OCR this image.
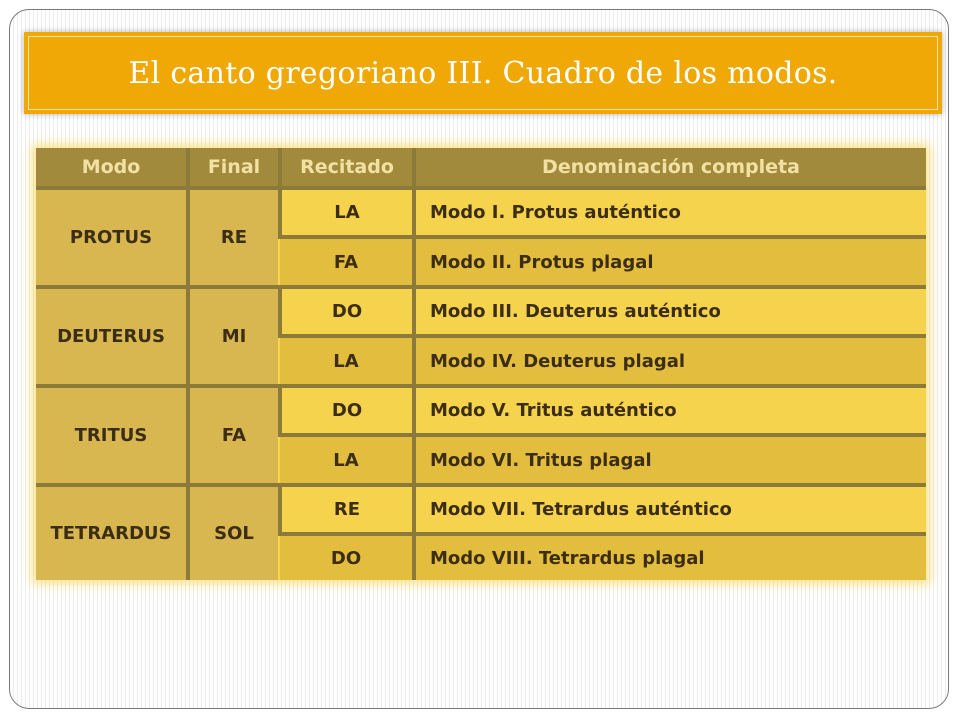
El canto gregoriano III. Cuadro de los modos.
Modo	Final	Recitado	Denominación completa
PROTUS	RE	LA	Modo I. Protus auténtico
		FA	Modo II. Protus plagal
DEUTERUS	MI	DO	Modo III. Deuterus auténtico
		LA	Modo IV. Deuterus plagal
TRITUS	FA	DO	Modo V. Tritus auténtico
		LA	Modo VI. Tritus plagal
TETRARDUS	SOL	RE	Modo VII. Tetrardus auténtico
		DO	Modo VIII. Tetrardus plagal
